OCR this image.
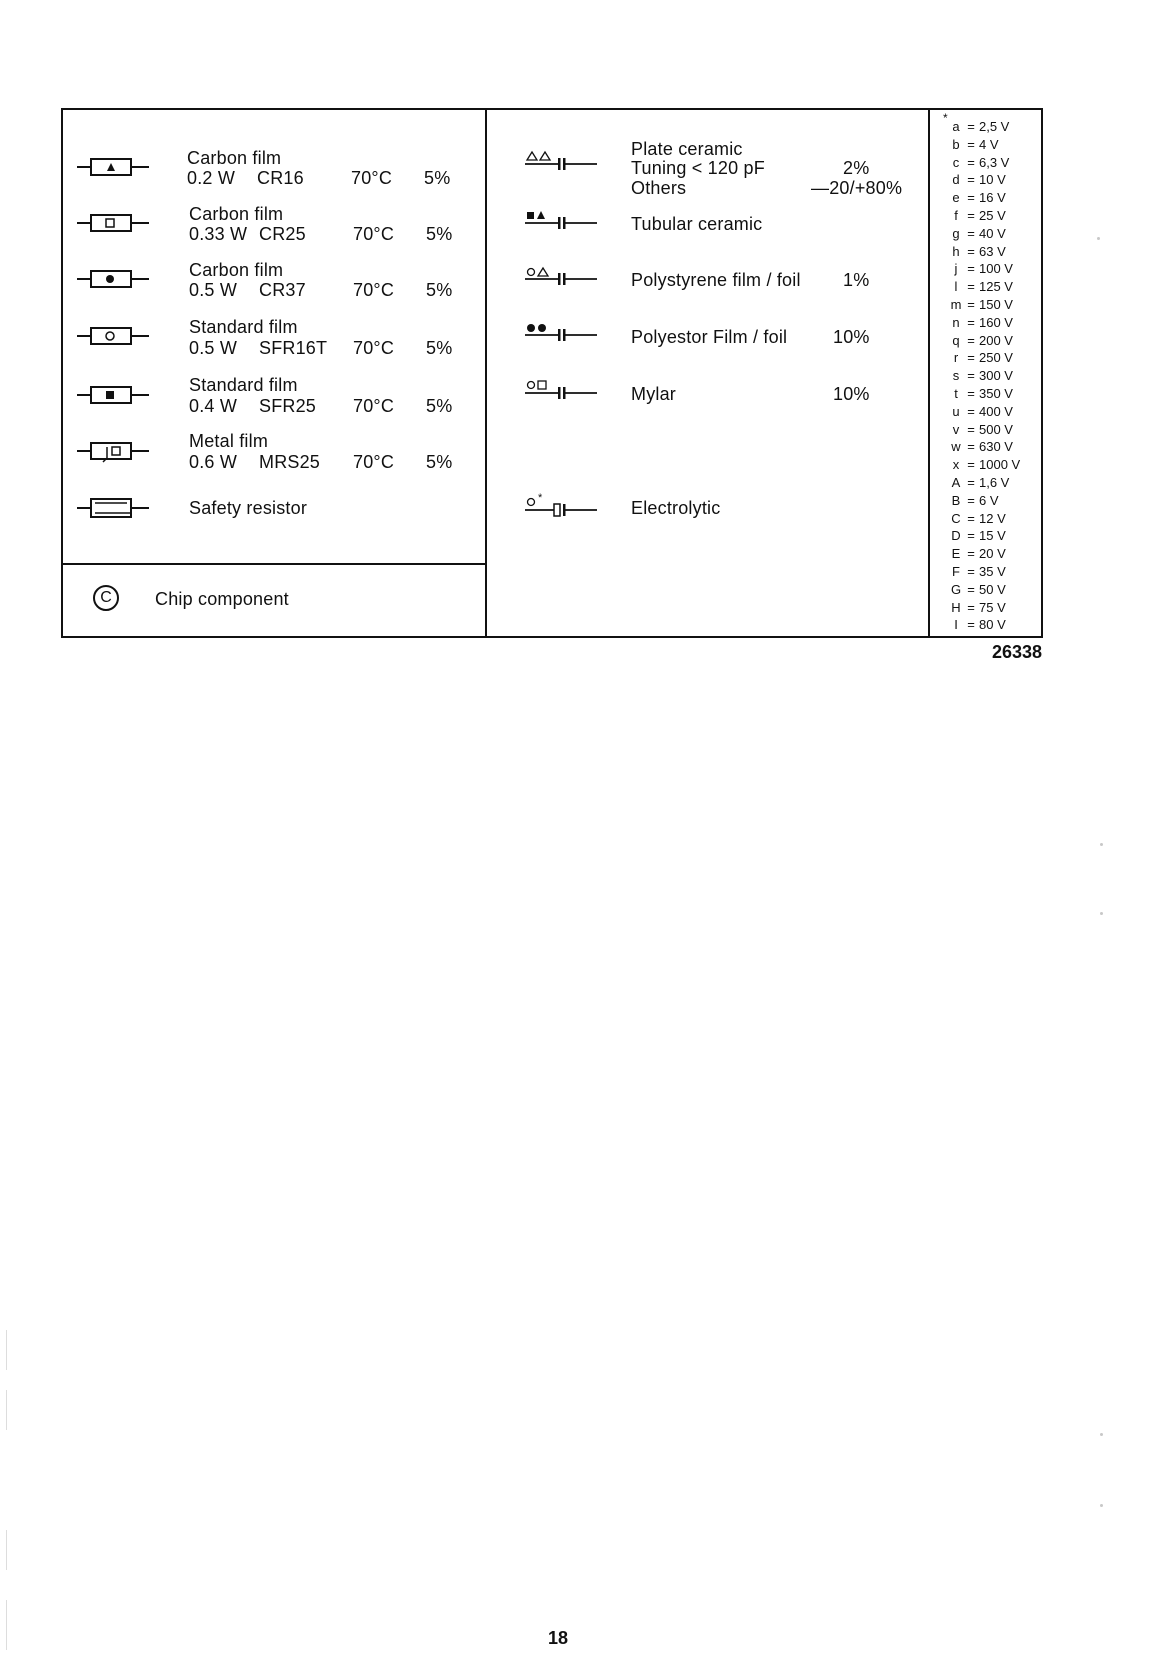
Carbon film
0.2 W CR16	70°C 5%
Carbon film
0.33 W CR25	70°C 5%
Carbon film
0.5 W CR37	70°C 5%
Standard film
0.5 W SFR16T 70°C 5%
Standard film
0.4 W SFR25 70°C 5%
Metal film
0.6 W MRS25 70°C 5%
Safety resistor
C	Chip component
*
Plate ceramic
Tuning < 120 pF	2%
Others	—20/+80%
Tubular ceramic
Polystyrene film / foil 1%
Polyestor Film / foil	10%
Mylar	10%
Electrolytic
*
a = 2,5 V
b = 4 V
c = 6,3 V
d = 10 V
e = 16 V
f = 25 V
g = 40 V
h = 63 V
j = 100 V
l = 125 V
m = 150 V
n = 160 V
q = 200 V
r = 250 V
s = 300 V
t = 350 V
u = 400 V
v = 500 V
w = 630 V
x = 1000 V
A = 1,6 V
B = 6 V
C = 12 V
D = 15 V
E = 20 V
F = 35 V
G = 50 V
H = 75 V
I = 80 V
26338
18
